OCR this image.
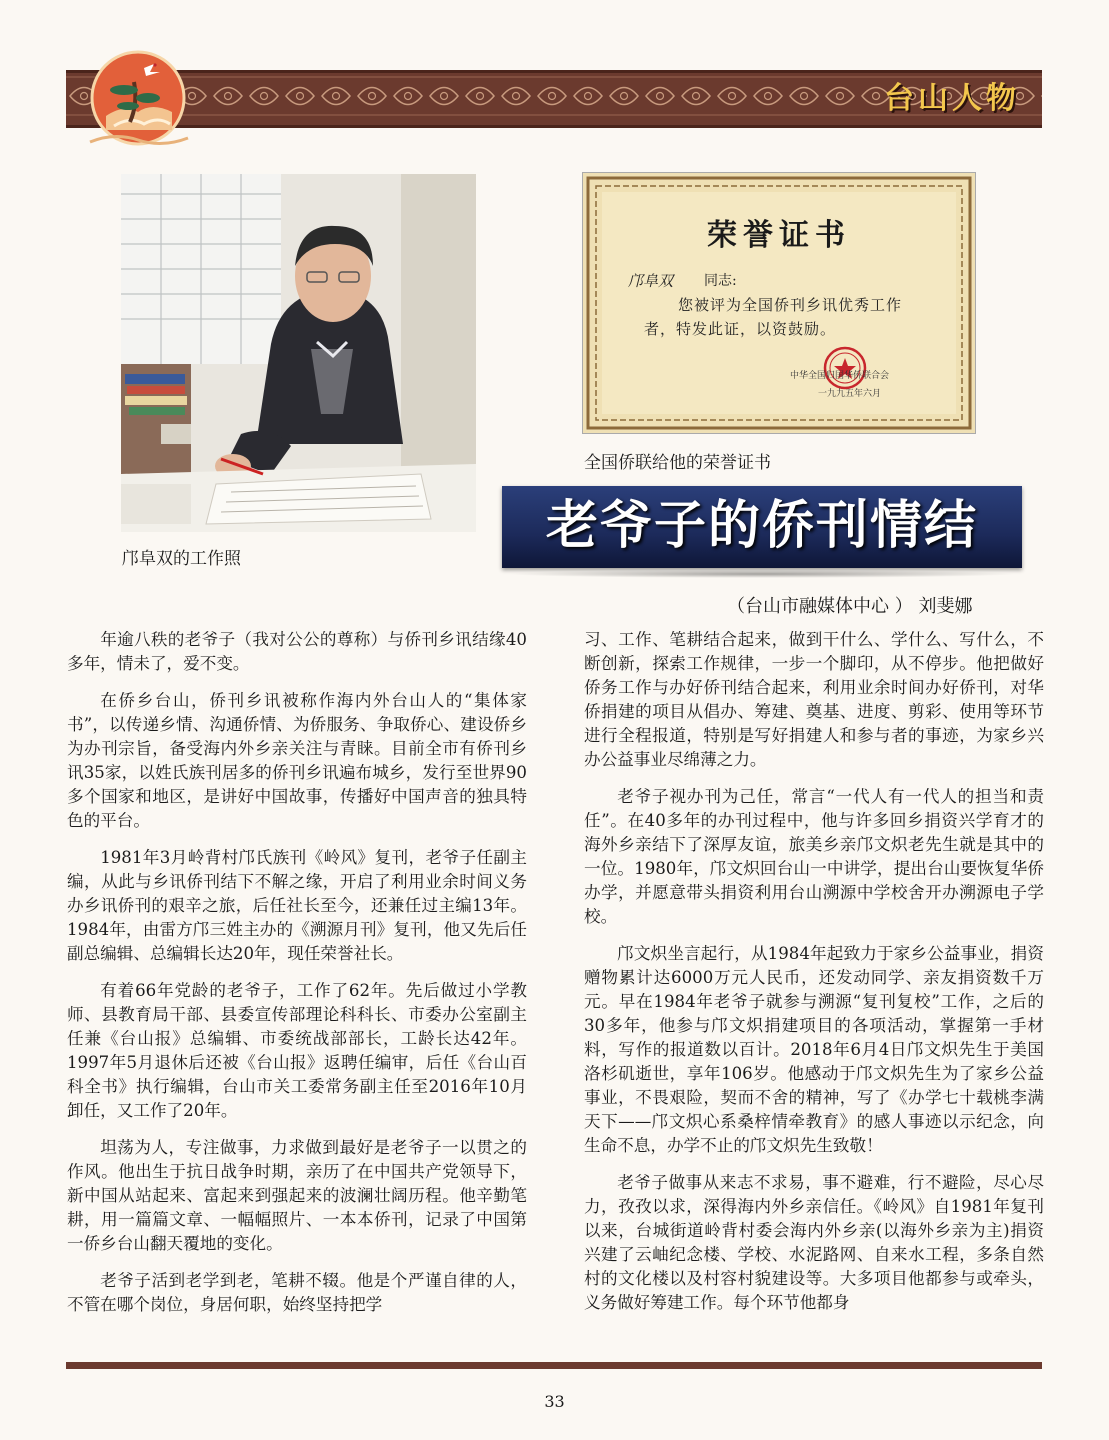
台山人物
邝阜双的工作照
荣誉证书
邝阜双 同志:
您被评为全国侨刊乡讯优秀工作
者，特发此证，以资鼓励。
中华全国归国华侨联合会
一九九五年六月
全国侨联给他的荣誉证书
老爷子的侨刊情结
（台山市融媒体中心 ） 刘斐娜

年逾八秩的老爷子（我对公公的尊称）与侨刊乡讯结缘40多年，情未了，爱不变。

在侨乡台山，侨刊乡讯被称作海内外台山人的“集体家书”，以传递乡情、沟通侨情、为侨服务、争取侨心、建设侨乡为办刊宗旨，备受海内外乡亲关注与青睐。目前全市有侨刊乡讯35家，以姓氏族刊居多的侨刊乡讯遍布城乡，发行至世界90多个国家和地区，是讲好中国故事，传播好中国声音的独具特色的平台。

1981年3月岭背村邝氏族刊《岭风》复刊，老爷子任副主编，从此与乡讯侨刊结下不解之缘，开启了利用业余时间义务办乡讯侨刊的艰辛之旅，后任社长至今，还兼任过主编13年。1984年，由雷方邝三姓主办的《溯源月刊》复刊，他又先后任副总编辑、总编辑长达20年，现任荣誉社长。

有着66年党龄的老爷子，工作了62年。先后做过小学教师、县教育局干部、县委宣传部理论科科长、市委办公室副主任兼《台山报》总编辑、市委统战部部长，工龄长达42年。1997年5月退休后还被《台山报》返聘任编审，后任《台山百科全书》执行编辑，台山市关工委常务副主任至2016年10月卸任，又工作了20年。

坦荡为人，专注做事，力求做到最好是老爷子一以贯之的作风。他出生于抗日战争时期，亲历了在中国共产党领导下，新中国从站起来、富起来到强起来的波澜壮阔历程。他辛勤笔耕，用一篇篇文章、一幅幅照片、一本本侨刊，记录了中国第一侨乡台山翻天覆地的变化。

老爷子活到老学到老，笔耕不辍。他是个严谨自律的人，不管在哪个岗位，身居何职，始终坚持把学

习、工作、笔耕结合起来，做到干什么、学什么、写什么，不断创新，探索工作规律，一步一个脚印，从不停步。他把做好侨务工作与办好侨刊结合起来，利用业余时间办好侨刊，对华侨捐建的项目从倡办、筹建、奠基、进度、剪彩、使用等环节进行全程报道，特别是写好捐建人和参与者的事迹，为家乡兴办公益事业尽绵薄之力。

老爷子视办刊为己任，常言“一代人有一代人的担当和责任”。在40多年的办刊过程中，他与许多回乡捐资兴学育才的海外乡亲结下了深厚友谊，旅美乡亲邝文炽老先生就是其中的一位。1980年，邝文炽回台山一中讲学，提出台山要恢复华侨办学，并愿意带头捐资利用台山溯源中学校舍开办溯源电子学校。

邝文炽坐言起行，从1984年起致力于家乡公益事业，捐资赠物累计达6000万元人民币，还发动同学、亲友捐资数千万元。早在1984年老爷子就参与溯源“复刊复校”工作，之后的30多年，他参与邝文炽捐建项目的各项活动，掌握第一手材料，写作的报道数以百计。2018年6月4日邝文炽先生于美国洛杉矶逝世，享年106岁。他感动于邝文炽先生为了家乡公益事业，不畏艰险，契而不舍的精神，写了《办学七十载桃李满天下——邝文炽心系桑梓情牵教育》的感人事迹以示纪念，向生命不息，办学不止的邝文炽先生致敬！

老爷子做事从来志不求易，事不避难，行不避险，尽心尽力，孜孜以求，深得海内外乡亲信任。《岭风》自1981年复刊以来，台城街道岭背村委会海内外乡亲(以海外乡亲为主)捐资兴建了云岫纪念楼、学校、水泥路网、自来水工程，多条自然村的文化楼以及村容村貌建设等。大多项目他都参与或牵头，义务做好筹建工作。每个环节他都身

33
